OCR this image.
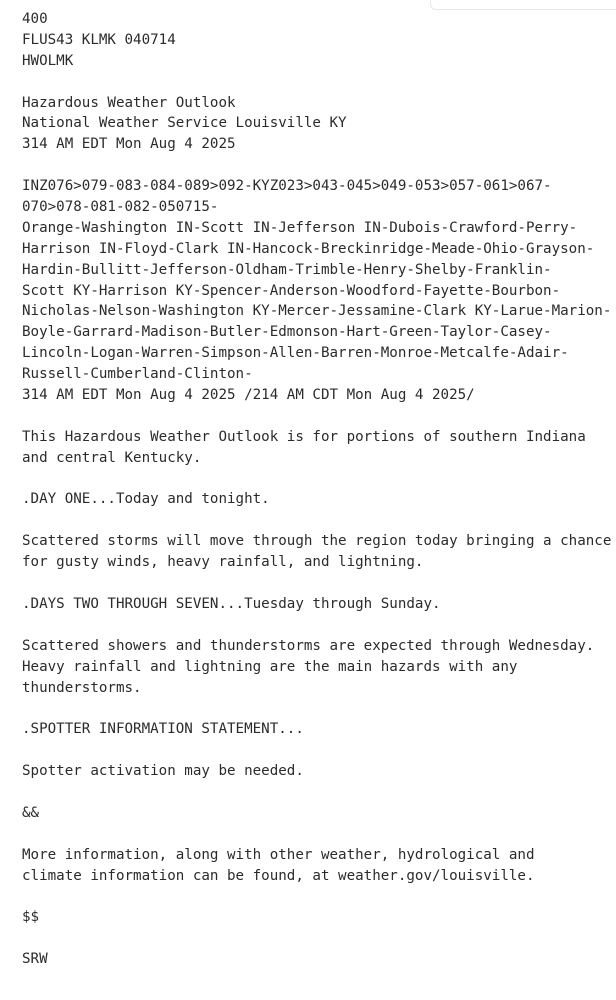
400
FLUS43 KLMK 040714
HWOLMK
Hazardous Weather Outlook
National Weather Service Louisville KY
314 AM EDT Mon Aug 4 2025
INZ076>079-083-084-089>092-KYZ023>043-045>049-053>057-061>067-
070>078-081-082-050715-
Orange-Washington IN-Scott IN-Jefferson IN-Dubois-Crawford-Perry-
Harrison IN-Floyd-Clark IN-Hancock-Breckinridge-Meade-Ohio-Grayson-
Hardin-Bullitt-Jefferson-Oldham-Trimble-Henry-Shelby-Franklin-
Scott KY-Harrison KY-Spencer-Anderson-Woodford-Fayette-Bourbon-
Nicholas-Nelson-Washington KY-Mercer-Jessamine-Clark KY-Larue-Marion-
Boyle-Garrard-Madison-Butler-Edmonson-Hart-Green-Taylor-Casey-
Lincoln-Logan-Warren-Simpson-Allen-Barren-Monroe-Metcalfe-Adair-
Russell-Cumberland-Clinton-
314 AM EDT Mon Aug 4 2025 /214 AM CDT Mon Aug 4 2025/
This Hazardous Weather Outlook is for portions of southern Indiana
and central Kentucky.
.DAY ONE...Today and tonight.
Scattered storms will move through the region today bringing a chance
for gusty winds, heavy rainfall, and lightning.
.DAYS TWO THROUGH SEVEN...Tuesday through Sunday.
Scattered showers and thunderstorms are expected through Wednesday.
Heavy rainfall and lightning are the main hazards with any
thunderstorms.
.SPOTTER INFORMATION STATEMENT...
Spotter activation may be needed.
&&
More information, along with other weather, hydrological and
climate information can be found, at weather.gov/louisville.
$$
SRW
